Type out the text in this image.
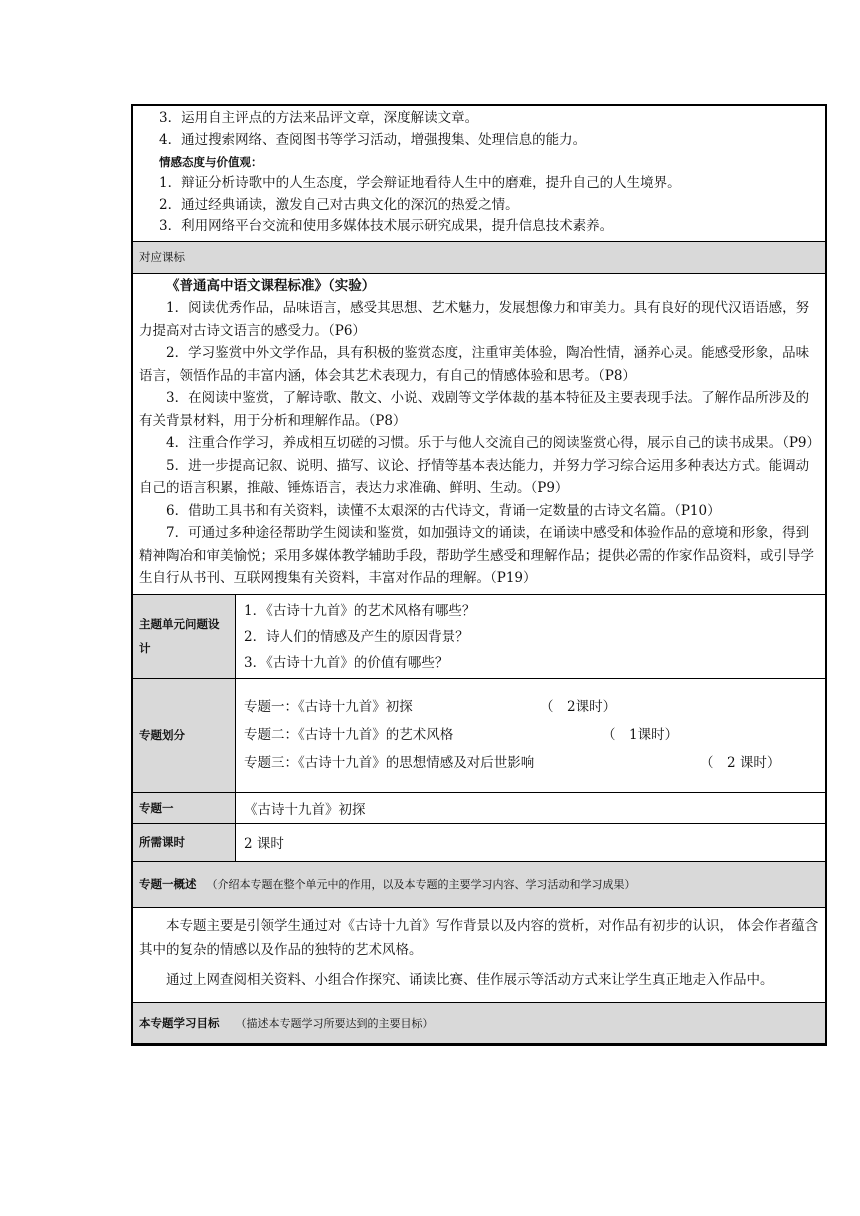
3．运用自主评点的方法来品评文章，深度解读文章。

4．通过搜索网络、查阅图书等学习活动，增强搜集、处理信息的能力。

情感态度与价值观：

1．辩证分析诗歌中的人生态度，学会辩证地看待人生中的磨难，提升自己的人生境界。

2．通过经典诵读，激发自己对古典文化的深沉的热爱之情。

3．利用网络平台交流和使用多媒体技术展示研究成果，提升信息技术素养。

对应课标

《普通高中语文课程标准》（实验）

1．阅读优秀作品，品味语言，感受其思想、艺术魅力，发展想像力和审美力。具有良好的现代汉语语感，努力提高对古诗文语言的感受力。（P6）

2．学习鉴赏中外文学作品，具有积极的鉴赏态度，注重审美体验，陶冶性情，涵养心灵。能感受形象，品味语言，领悟作品的丰富内涵，体会其艺术表现力，有自己的情感体验和思考。（P8）

3．在阅读中鉴赏，了解诗歌、散文、小说、戏剧等文学体裁的基本特征及主要表现手法。了解作品所涉及的有关背景材料，用于分析和理解作品。（P8）

4．注重合作学习，养成相互切磋的习惯。乐于与他人交流自己的阅读鉴赏心得，展示自己的读书成果。（P9）

5．进一步提高记叙、说明、描写、议论、抒情等基本表达能力，并努力学习综合运用多种表达方式。能调动自己的语言积累，推敲、锤炼语言，表达力求准确、鲜明、生动。（P9）

6．借助工具书和有关资料，读懂不太艰深的古代诗文，背诵一定数量的古诗文名篇。（P10）

7．可通过多种途径帮助学生阅读和鉴赏，如加强诗文的诵读，在诵读中感受和体验作品的意境和形象，得到精神陶冶和审美愉悦；采用多媒体教学辅助手段，帮助学生感受和理解作品；提供必需的作家作品资料，或引导学生自行从书刊、互联网搜集有关资料，丰富对作品的理解。（P19）

主题单元问题设计

1．《古诗十九首》的艺术风格有哪些？

2．诗人们的情感及产生的原因背景？

3．《古诗十九首》的价值有哪些？

专题划分
专题一：《古诗十九首》初探	（　2课时）
专题二：《古诗十九首》的艺术风格	（　1课时）
专题三：《古诗十九首》的思想情感及对后世影响	（　2 课时）
专题一	《古诗十九首》初探
所需课时	2 课时
专题一概述 （介绍本专题在整个单元中的作用，以及本专题的主要学习内容、学习活动和学习成果）

本专题主要是引领学生通过对《古诗十九首》写作背景以及内容的赏析，对作品有初步的认识， 体会作者蕴含其中的复杂的情感以及作品的独特的艺术风格。

通过上网查阅相关资料、小组合作探究、诵读比赛、佳作展示等活动方式来让学生真正地走入作品中。

本专题学习目标 （描述本专题学习所要达到的主要目标）
